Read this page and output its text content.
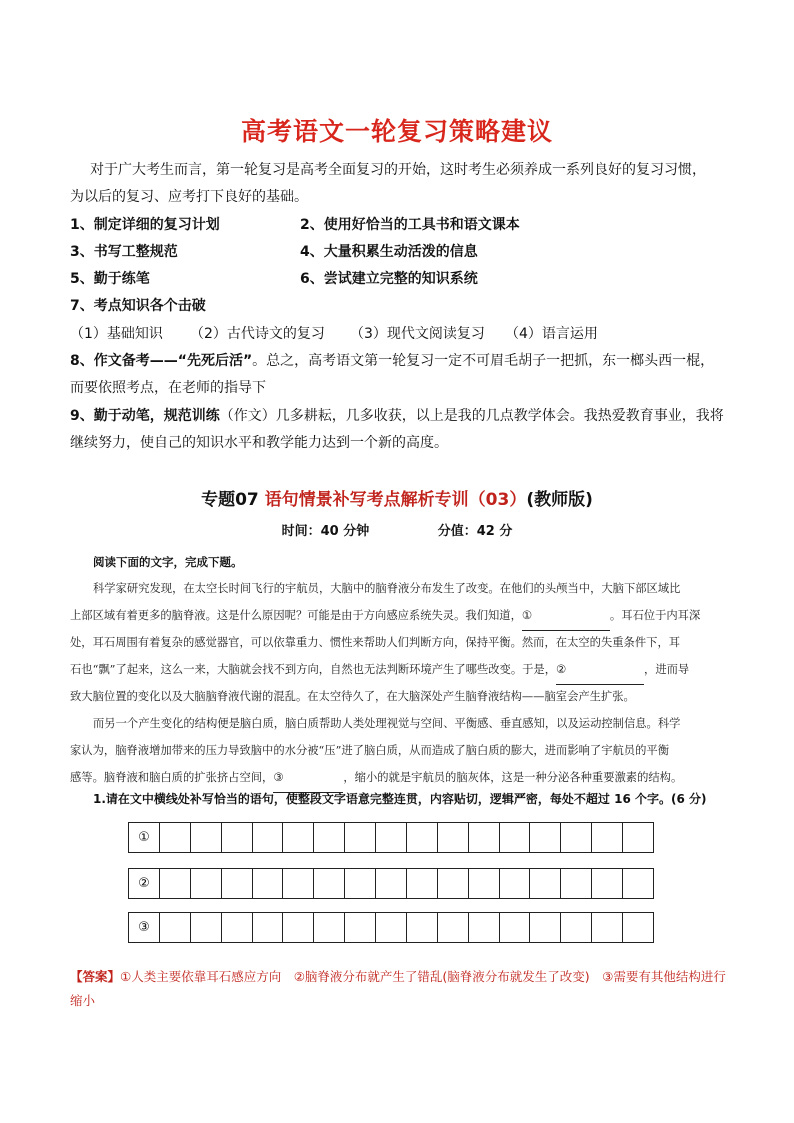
高考语文一轮复习策略建议
对于广大考生而言，第一轮复习是高考全面复习的开始，这时考生必须养成一系列良好的复习习惯，
为以后的复习、应考打下良好的基础。
1、制定详细的复习计划	2、使用好恰当的工具书和语文课本
3、书写工整规范	4、大量积累生动活泼的信息
5、勤于练笔	6、尝试建立完整的知识系统
7、考点知识各个击破
（1）基础知识 （2）古代诗文的复习 （3）现代文阅读复习 （4）语言运用
8、作文备考——“先死后活”。总之，高考语文第一轮复习一定不可眉毛胡子一把抓，东一榔头西一棍，
而要依照考点，在老师的指导下
9、勤于动笔，规范训练（作文）几多耕耘，几多收获，以上是我的几点教学体会。我热爱教育事业，我将
继续努力，使自己的知识水平和教学能力达到一个新的高度。
专题07 语句情景补写考点解析专训（03）(教师版)
时间：40 分钟	分值：42 分
阅读下面的文字，完成下题。
科学家研究发现，在太空长时间飞行的宇航员，大脑中的脑脊液分布发生了改变。在他们的头颅当中，大脑下部区域比
上部区域有着更多的脑脊液。这是什么原因呢？可能是由于方向感应系统失灵。我们知道，①	。耳石位于内耳深
处，耳石周围有着复杂的感觉器官，可以依靠重力、惯性来帮助人们判断方向，保持平衡。然而，在太空的失重条件下，耳
石也“飘”了起来，这么一来，大脑就会找不到方向，自然也无法判断环境产生了哪些改变。于是，②	，进而导
致大脑位置的变化以及大脑脑脊液代谢的混乱。在太空待久了，在大脑深处产生脑脊液结构——脑室会产生扩张。
而另一个产生变化的结构便是脑白质，脑白质帮助人类处理视觉与空间、平衡感、垂直感知，以及运动控制信息。科学
家认为，脑脊液增加带来的压力导致脑中的水分被“压”进了脑白质，从而造成了脑白质的膨大，进而影响了宇航员的平衡
感等。脑脊液和脑白质的扩张挤占空间，③	，缩小的就是宇航员的脑灰体，这是一种分泌各种重要激素的结构。
1.请在文中横线处补写恰当的语句，使整段文字语意完整连贯，内容贴切，逻辑严密，每处不超过 16 个字。(6 分)
①
②
③
【答案】①人类主要依靠耳石感应方向　②脑脊液分布就产生了错乱(脑脊液分布就发生了改变)　③需要有其他结构进行缩小
